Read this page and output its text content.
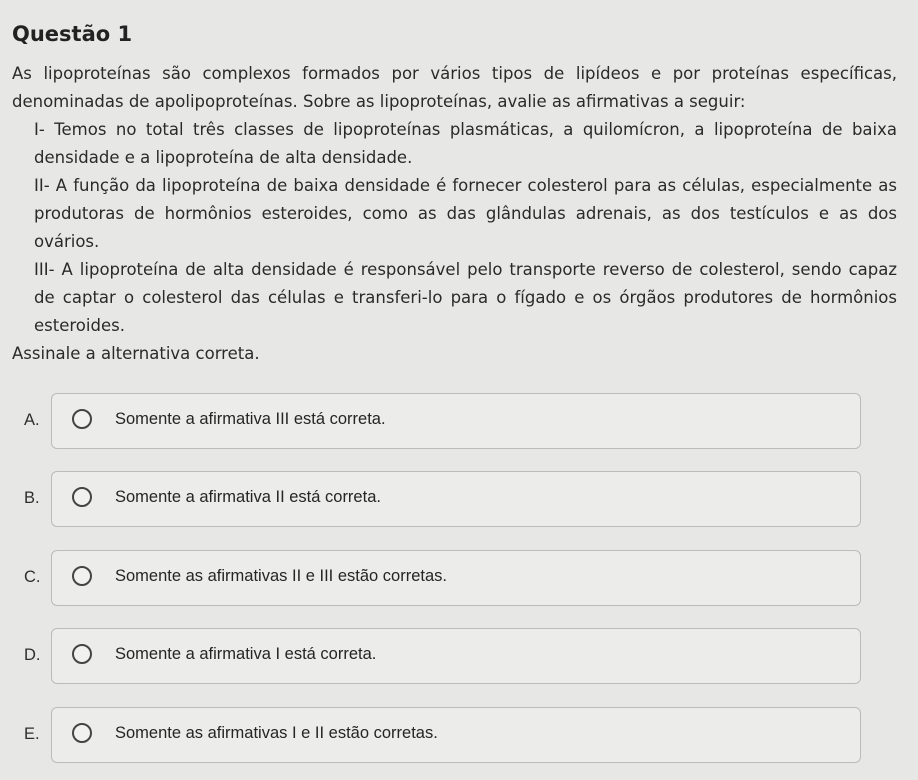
Questão 1

As lipoproteínas são complexos formados por vários tipos de lipídeos e por proteínas específicas, denominadas de apolipoproteínas. Sobre as lipoproteínas, avalie as afirmativas a seguir:

I- Temos no total três classes de lipoproteínas plasmáticas, a quilomícron, a lipoproteína de baixa densidade e a lipoproteína de alta densidade.

II- A função da lipoproteína de baixa densidade é fornecer colesterol para as células, especialmente as produtoras de hormônios esteroides, como as das glândulas adrenais, as dos testículos e as dos ovários.

III- A lipoproteína de alta densidade é responsável pelo transporte reverso de colesterol, sendo capaz de captar o colesterol das células e transferi-lo para o fígado e os órgãos produtores de hormônios esteroides.

Assinale a alternativa correta.

A.	Somente a afirmativa III está correta.
B.	Somente a afirmativa II está correta.
C.	Somente as afirmativas II e III estão corretas.
D.	Somente a afirmativa I está correta.
E.	Somente as afirmativas I e II estão corretas.
